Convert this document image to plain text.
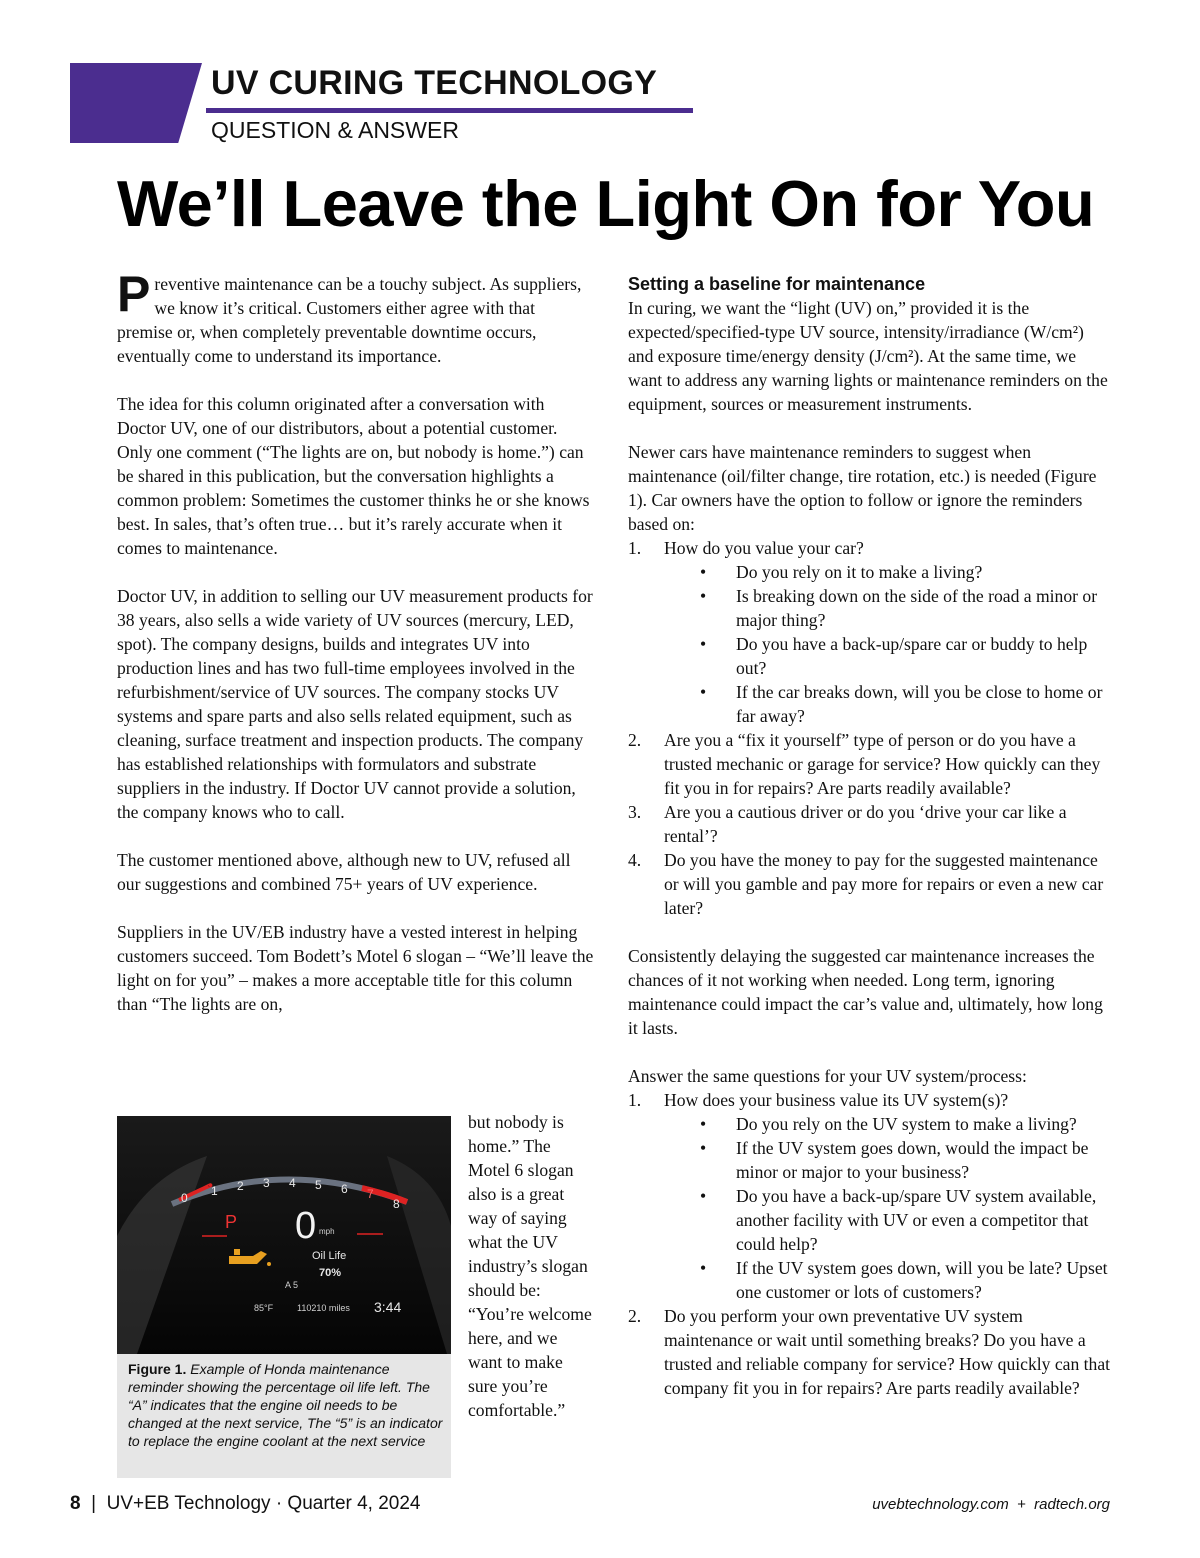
UV CURING TECHNOLOGY
QUESTION & ANSWER
We’ll Leave the Light On for You

Preventive maintenance can be a touchy subject. As suppliers, we know it’s critical. Customers either agree with that premise or, when completely preventable downtime occurs, eventually come to understand its importance.

The idea for this column originated after a conversation with Doctor UV, one of our distributors, about a potential customer. Only one comment (“The lights are on, but nobody is home.”) can be shared in this publication, but the conversation highlights a common problem: Sometimes the customer thinks he or she knows best. In sales, that’s often true… but it’s rarely accurate when it comes to maintenance.

Doctor UV, in addition to selling our UV measurement products for 38 years, also sells a wide variety of UV sources (mercury, LED, spot). The company designs, builds and integrates UV into production lines and has two full-time employees involved in the refurbishment/service of UV sources. The company stocks UV systems and spare parts and also sells related equipment, such as cleaning, surface treatment and inspection products. The company has established relationships with formulators and substrate suppliers in the industry. If Doctor UV cannot provide a solution, the company knows who to call.

The customer mentioned above, although new to UV, refused all our suggestions and combined 75+ years of UV experience.

Suppliers in the UV/EB industry have a vested interest in helping customers succeed. Tom Bodett’s Motel 6 slogan – “We’ll leave the light on for you” – makes a more acceptable title for this column than “The lights are on,

0 1 2 3 4 5 6 7
8
P 0 mph
Oil Life
70%
A 5
85°F	110210 miles 3:44
Figure 1. Example of Honda maintenance reminder showing the percentage oil life left. The “A” indicates that the engine oil needs to be changed at the next service, The “5” is an indicator to replace the engine coolant at the next service
but nobody is home.” The Motel 6 slogan also is a great way of saying what the UV industry’s slogan should be: “You’re welcome here, and we want to make sure you’re comfortable.”
Setting a baseline for maintenance

In curing, we want the “light (UV) on,” provided it is the expected/specified-type UV source, intensity/irradiance (W/cm²) and exposure time/energy density (J/cm²). At the same time, we want to address any warning lights or maintenance reminders on the equipment, sources or measurement instruments.

Newer cars have maintenance reminders to suggest when maintenance (oil/filter change, tire rotation, etc.) is needed (Figure 1). Car owners have the option to follow or ignore the reminders based on:

1. How do you value your car?
• Do you rely on it to make a living?
• Is breaking down on the side of the road a minor or major thing?
• Do you have a back-up/spare car or buddy to help out?
• If the car breaks down, will you be close to home or far away?
2. Are you a “fix it yourself” type of person or do you have a trusted mechanic or garage for service? How quickly can they fit you in for repairs? Are parts readily available?
3. Are you a cautious driver or do you ‘drive your car like a rental’?
4. Do you have the money to pay for the suggested maintenance or will you gamble and pay more for repairs or even a new car later?

Consistently delaying the suggested car maintenance increases the chances of it not working when needed. Long term, ignoring maintenance could impact the car’s value and, ultimately, how long it lasts.

Answer the same questions for your UV system/process:

1. How does your business value its UV system(s)?
• Do you rely on the UV system to make a living?
• If the UV system goes down, would the impact be minor or major to your business?
• Do you have a back-up/spare UV system available, another facility with UV or even a competitor that could help?
• If the UV system goes down, will you be late? Upset one customer or lots of customers?
2. Do you perform your own preventative UV system maintenance or wait until something breaks? Do you have a trusted and reliable company for service? How quickly can that company fit you in for repairs? Are parts readily available?
8 | UV+EB Technology · Quarter 4, 2024	uvebtechnology.com  +  radtech.org
